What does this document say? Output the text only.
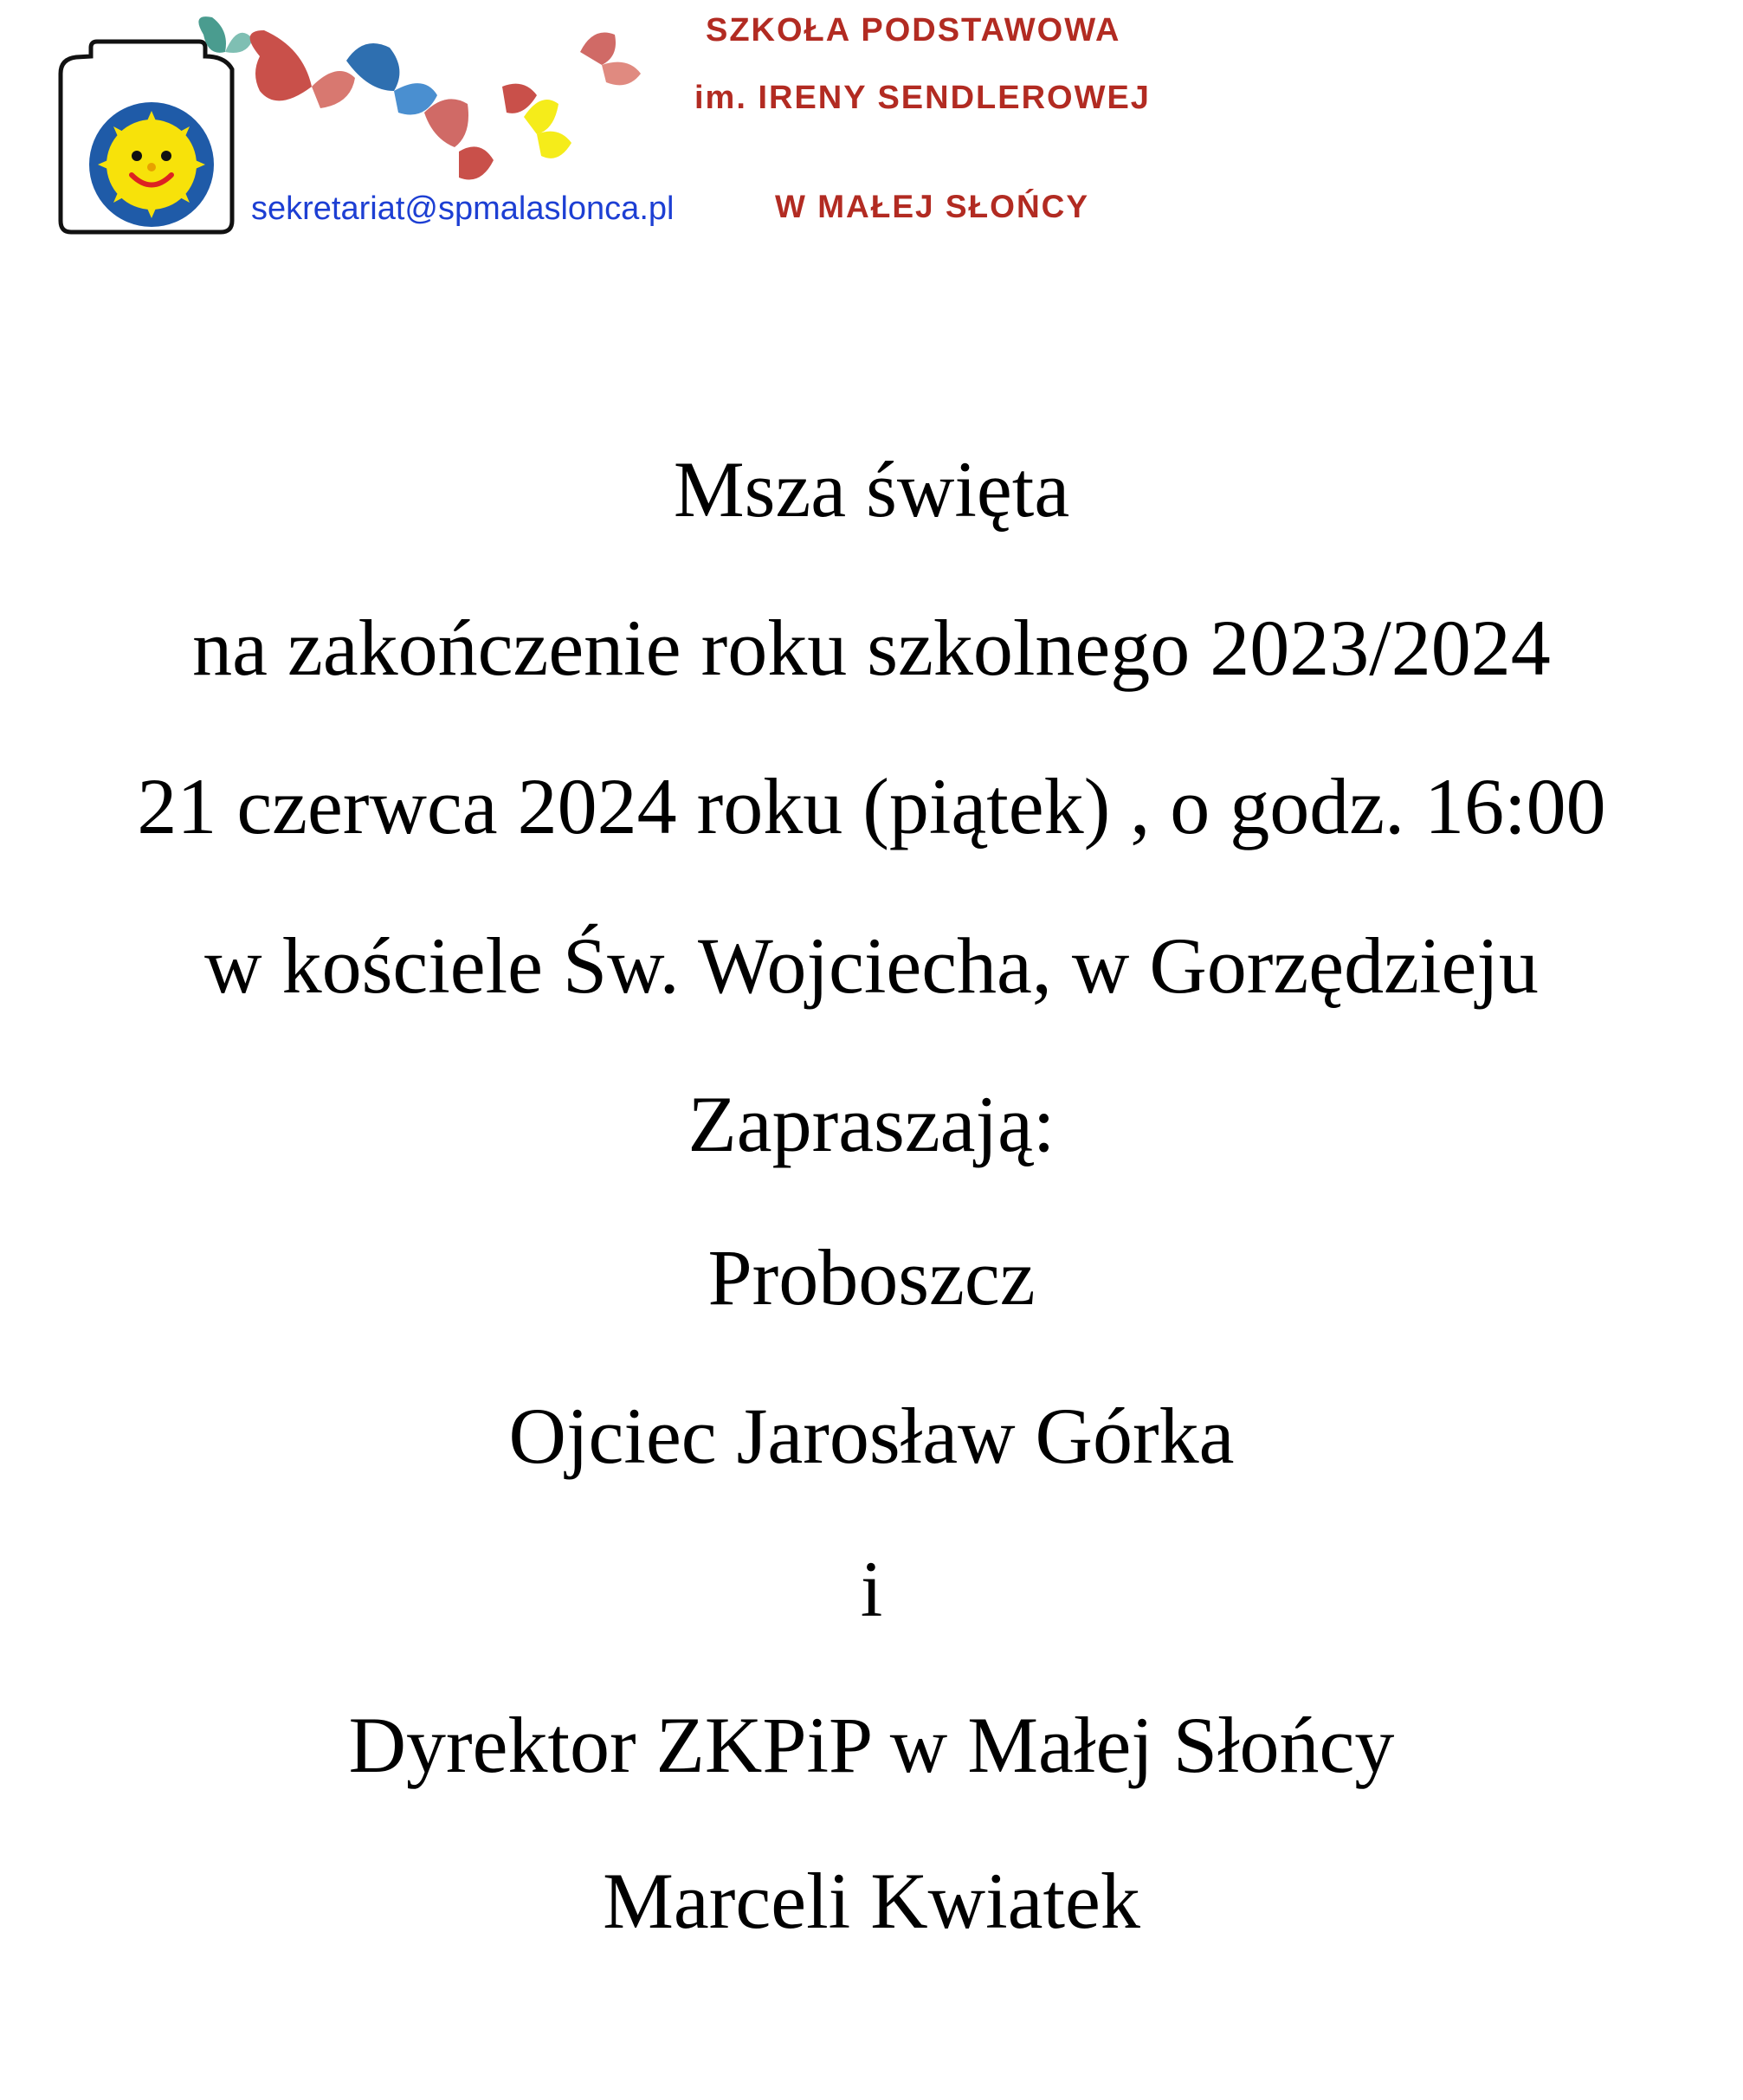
SZKOŁA PODSTAWOWA
im. IRENY SENDLEROWEJ
W MAŁEJ SŁOŃCY
sekretariat@spmalaslonca.pl
Msza święta
na zakończenie roku szkolnego 2023/2024
21 czerwca 2024 roku (piątek) , o godz. 16:00
w kościele Św. Wojciecha, w Gorzędzieju
Zapraszają:
Proboszcz
Ojciec Jarosław Górka
i
Dyrektor ZKPiP w Małej Słońcy
Marceli Kwiatek
